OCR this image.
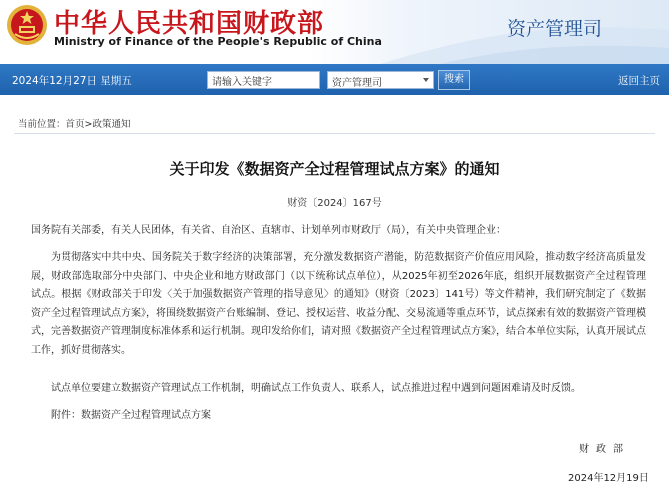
中华人民共和国财政部
Ministry of Finance of the People's Republic of China
资产管理司
2024年12月27日 星期五
请输入关键字	资产管理司	搜索	返回主页
当前位置：首页>政策通知
关于印发《数据资产全过程管理试点方案》的通知
财资〔2024〕167号
国务院有关部委，有关人民团体，有关省、自治区、直辖市、计划单列市财政厅（局），有关中央管理企业：
为贯彻落实中共中央、国务院关于数字经济的决策部署，充分激发数据资产潜能，防范数据资产价值应用风险，推动数字经济高质量发展，财政部选取部分中央部门、中央企业和地方财政部门（以下统称试点单位），从2025年初至2026年底，组织开展数据资产全过程管理试点。根据《财政部关于印发〈关于加强数据资产管理的指导意见〉的通知》（财资〔2023〕141号）等文件精神，我们研究制定了《数据资产全过程管理试点方案》，将围绕数据资产台账编制、登记、授权运营、收益分配、交易流通等重点环节，试点探索有效的数据资产管理模式，完善数据资产管理制度标准体系和运行机制。现印发给你们，请对照《数据资产全过程管理试点方案》，结合本单位实际，认真开展试点工作，抓好贯彻落实。
试点单位要建立数据资产管理试点工作机制，明确试点工作负责人、联系人，试点推进过程中遇到问题困难请及时反馈。
附件：数据资产全过程管理试点方案
财政部
2024年12月19日
